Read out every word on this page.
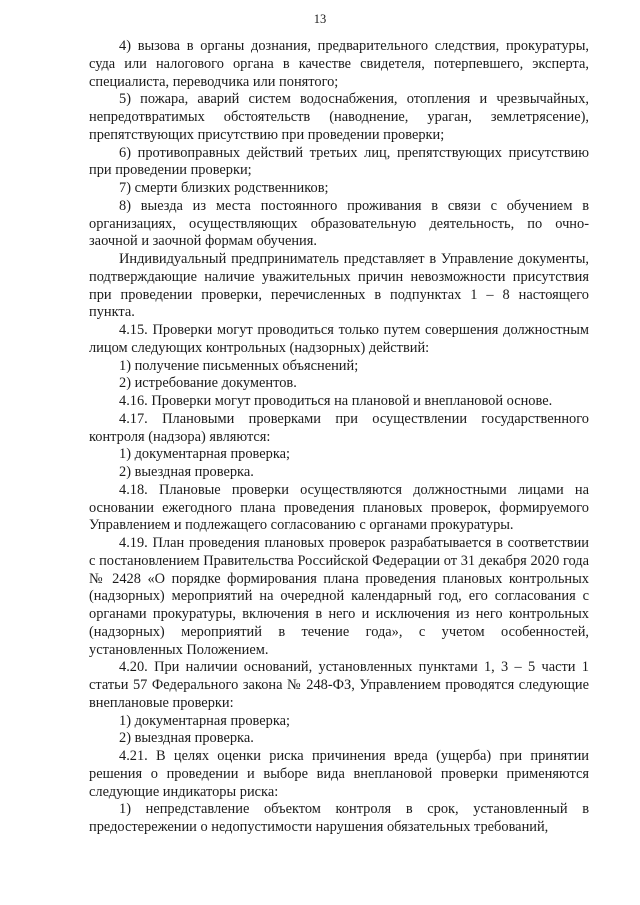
13

4) вызова в органы дознания, предварительного следствия, прокуратуры, суда или налогового органа в качестве свидетеля, потерпевшего, эксперта, специалиста, переводчика или понятого;

5) пожара, аварий систем водоснабжения, отопления и чрезвычайных, непредотвратимых обстоятельств (наводнение, ураган, землетрясение), препятствующих присутствию при проведении проверки;

6) противоправных действий третьих лиц, препятствующих присутствию при проведении проверки;

7) смерти близких родственников;

8) выезда из места постоянного проживания в связи с обучением в организациях, осуществляющих образовательную деятельность, по очно-заочной и заочной формам обучения.

Индивидуальный предприниматель представляет в Управление документы, подтверждающие наличие уважительных причин невозможности присутствия при проведении проверки, перечисленных в подпунктах 1 – 8 настоящего пункта.

4.15. Проверки могут проводиться только путем совершения должностным лицом следующих контрольных (надзорных) действий:

1) получение письменных объяснений;

2) истребование документов.

4.16. Проверки могут проводиться на плановой и внеплановой основе.

4.17. Плановыми проверками при осуществлении государственного контроля (надзора) являются:

1) документарная проверка;

2) выездная проверка.

4.18. Плановые проверки осуществляются должностными лицами на основании ежегодного плана проведения плановых проверок, формируемого Управлением и подлежащего согласованию с органами прокуратуры.

4.19. План проведения плановых проверок разрабатывается в соответствии с постановлением Правительства Российской Федерации от 31 декабря 2020 года № 2428 «О порядке формирования плана проведения плановых контрольных (надзорных) мероприятий на очередной календарный год, его согласования с органами прокуратуры, включения в него и исключения из него контрольных (надзорных) мероприятий в течение года», с учетом особенностей, установленных Положением.

4.20. При наличии оснований, установленных пунктами 1, 3 – 5 части 1 статьи 57 Федерального закона № 248-ФЗ, Управлением проводятся следующие внеплановые проверки:

1) документарная проверка;

2) выездная проверка.

4.21. В целях оценки риска причинения вреда (ущерба) при принятии решения о проведении и выборе вида внеплановой проверки применяются следующие индикаторы риска:

1) непредставление объектом контроля в срок, установленный в предостережении о недопустимости нарушения обязательных требований,
